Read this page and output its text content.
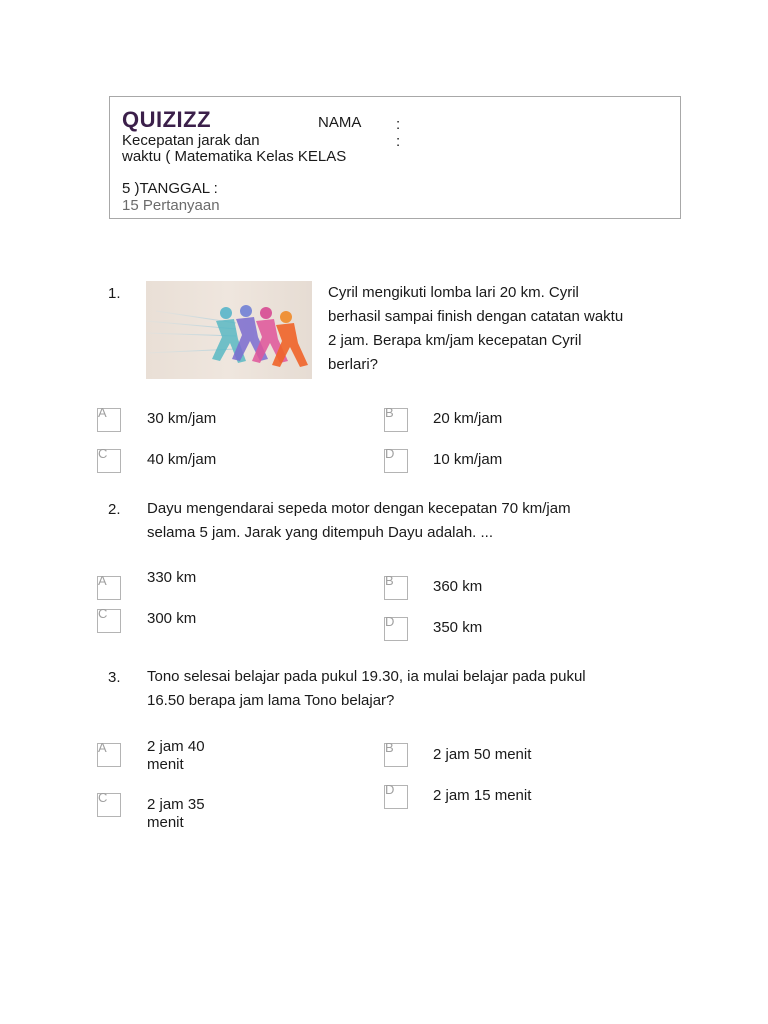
QUIZIZZ	NAMA :
:
Kecepatan jarak dan
waktu ( Matematika Kelas KELAS
5 )TANGGAL :
15 Pertanyaan
1.	Cyril mengikuti lomba lari 20 km. Cyril
berhasil sampai finish dengan catatan waktu
2 jam. Berapa km/jam kecepatan Cyril
berlari?
A	30 km/jam	B	20 km/jam
C	40 km/jam	D	10 km/jam
2. Dayu mengendarai sepeda motor dengan kecepatan 70 km/jam
selama 5 jam. Jarak yang ditempuh Dayu adalah. ...
A	330 km	B	360 km
C	300 km	D	350 km
3. Tono selesai belajar pada pukul 19.30, ia mulai belajar pada pukul
16.50 berapa jam lama Tono belajar?
A	2 jam 40
menit
B	2 jam 50 menit
C	2 jam 35
menit
D	2 jam 15 menit
